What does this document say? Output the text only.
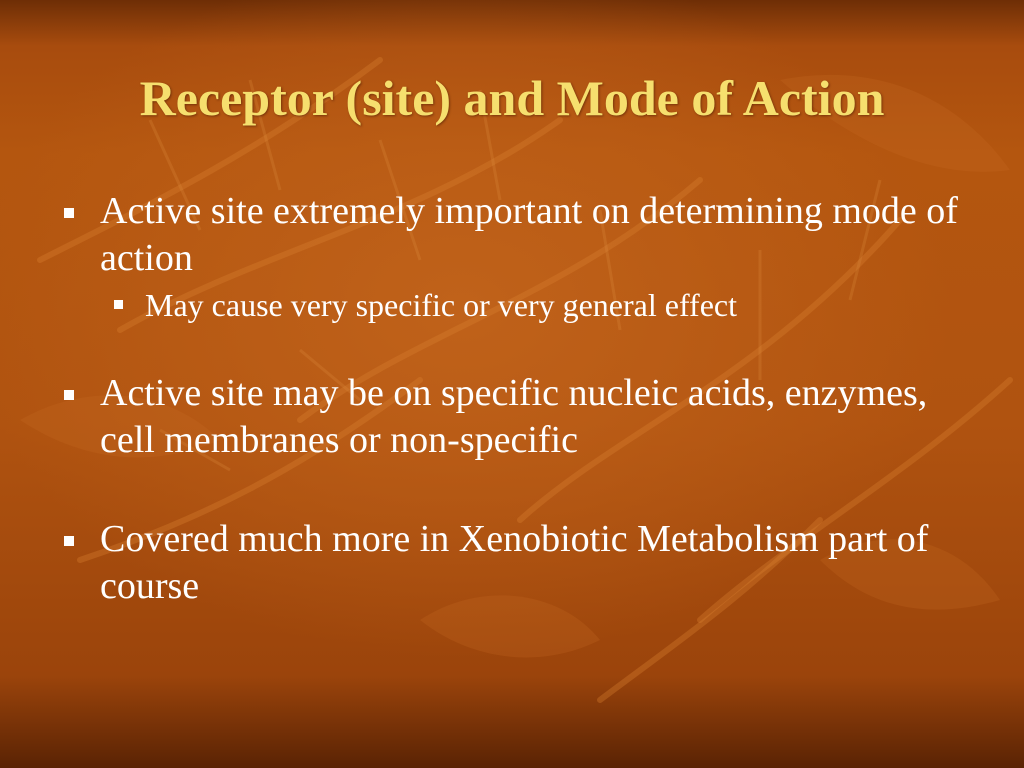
Receptor (site) and Mode of Action
Active site extremely important on determining mode of action
May cause very specific or very general effect
Active site may be on specific nucleic acids, enzymes, cell membranes or non-specific
Covered much more in Xenobiotic Metabolism part of course
